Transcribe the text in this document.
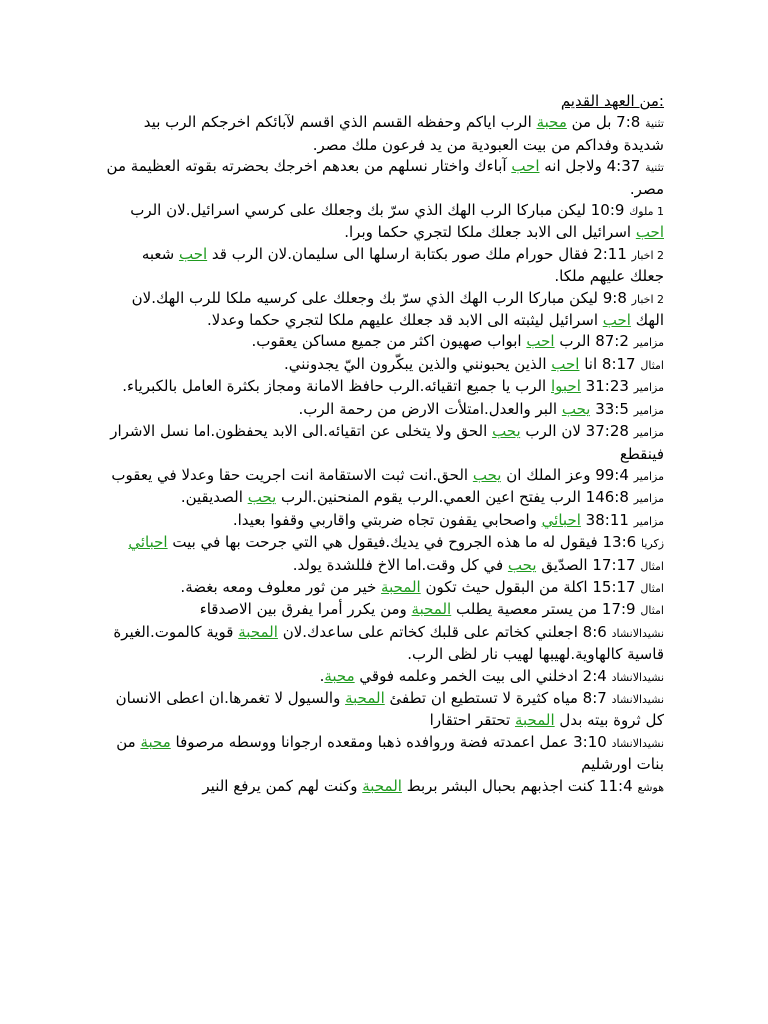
:من العهد القديم
تثنية 7:8 بل من محبة الرب اياكم وحفظه القسم الذي اقسم لآبائكم اخرجكم الرب بيد شديدة وفداكم من بيت العبودية من يد فرعون ملك مصر.
تثنية 4:37 ولاجل انه احب آباءك واختار نسلهم من بعدهم اخرجك بحضرته بقوته العظيمة من مصر.
1 ملوك 10:9 ليكن مباركا الرب الهك الذي سرّ بك وجعلك على كرسي اسرائيل.لان الرب احب اسرائيل الى الابد جعلك ملكا لتجري حكما وبرا.
2 اخبار 2:11 فقال حورام ملك صور بكتابة ارسلها الى سليمان.لان الرب قد احب شعبه جعلك عليهم ملكا.
2 اخبار 9:8 ليكن مباركا الرب الهك الذي سرّ بك وجعلك على كرسيه ملكا للرب الهك.لان الهك احب اسرائيل ليثبته الى الابد قد جعلك عليهم ملكا لتجري حكما وعدلا.
مزامير 87:2 الرب احب ابواب صهيون اكثر من جميع مساكن يعقوب.
امثال 8:17 انا احب الذين يحبونني والذين يبكّرون اليّ يجدونني.
مزامير 31:23 احبوا الرب يا جميع اتقيائه.الرب حافظ الامانة ومجاز بكثرة العامل بالكبرياء.
مزامير 33:5 يحب البر والعدل.امتلأت الارض من رحمة الرب.
مزامير 37:28 لان الرب يحب الحق ولا يتخلى عن اتقيائه.الى الابد يحفظون.اما نسل الاشرار فينقطع
مزامير 99:4 وعز الملك ان يحب الحق.انت ثبت الاستقامة انت اجريت حقا وعدلا في يعقوب
مزامير 146:8 الرب يفتح اعين العمي.الرب يقوم المنحنين.الرب يحب الصديقين.
مزامير 38:11 احبائي واصحابي يقفون تجاه ضربتي واقاربي وقفوا بعيدا.
زكريا 13:6 فيقول له ما هذه الجروح في يديك.فيقول هي التي جرحت بها في بيت احبائي
امثال 17:17 الصدّيق يحب في كل وقت.اما الاخ فللشدة يولد.
امثال 15:17 اكلة من البقول حيث تكون المحبة خير من ثور معلوف ومعه بغضة.
امثال 17:9 من يستر معصية يطلب المحبة ومن يكرر أمرا يفرق بين الاصدقاء
نشيدالانشاد 8:6 اجعلني كخاتم على قلبك كخاتم على ساعدك.لان المحبة قوية كالموت.الغيرة قاسية كالهاوية.لهيبها لهيب نار لظى الرب.
نشيدالانشاد 2:4 ادخلني الى بيت الخمر وعلمه فوقي محبة.
نشيدالانشاد 8:7 مياه كثيرة لا تستطيع ان تطفئ المحبة والسيول لا تغمرها.ان اعطى الانسان كل ثروة بيته بدل المحبة تحتقر احتقارا
نشيدالانشاد 3:10 عمل اعمدته فضة وروافده ذهبا ومقعده ارجوانا ووسطه مرصوفا محبة من بنات اورشليم
هوشع 11:4 كنت اجذبهم بحبال البشر بربط المحبة وكنت لهم كمن يرفع النير
